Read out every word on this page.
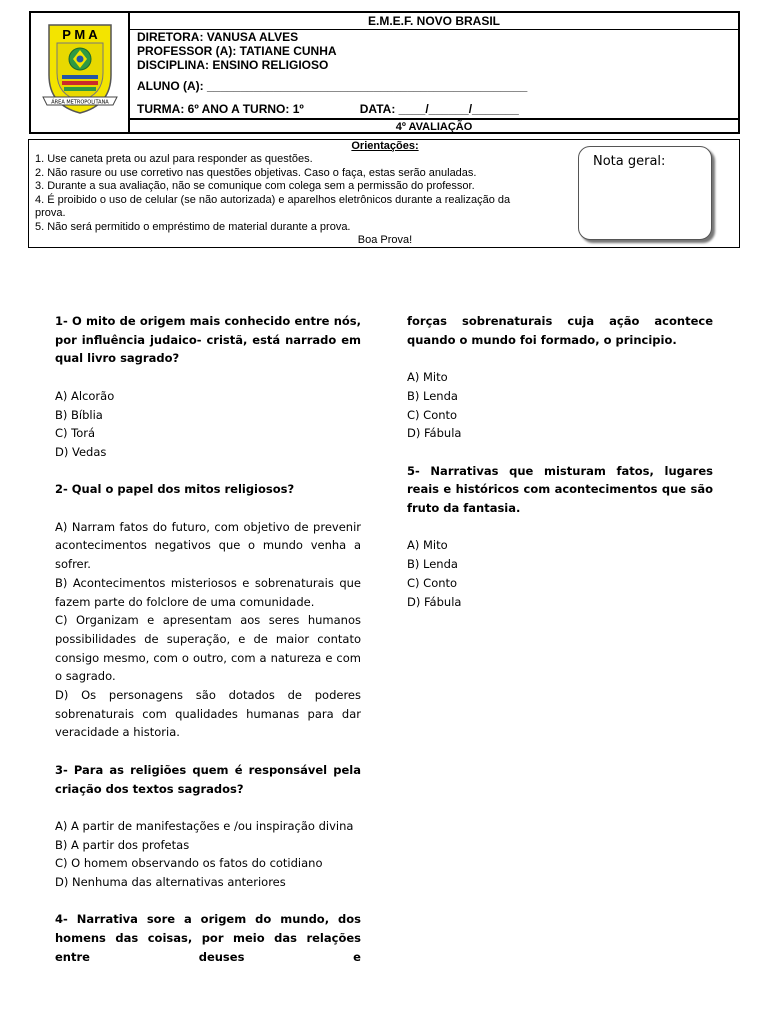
ÁREA METROPOLITANA
P M A
E.M.E.F. NOVO BRASIL
DIRETORA: VANUSA ALVES
PROFESSOR (A): TATIANE CUNHA
DISCIPLINA: ENSINO RELIGIOSO
ALUNO (A): ________________________________________________
TURMA: 6º ANO A TURNO: 1º	DATA: ____/______/_______
4º AVALIAÇÃO
Orientações:
1. Use caneta preta ou azul para responder as questões.
2. Não rasure ou use corretivo nas questões objetivas. Caso o faça, estas serão anuladas.
3. Durante a sua avaliação, não se comunique com colega sem a permissão do professor.
4. É proibido o uso de celular (se não autorizada) e aparelhos eletrônicos durante a realização da prova.
5. Não será permitido o empréstimo de material durante a prova.
Boa Prova!
Nota geral:
1- O mito de origem mais conhecido entre nós, por influência judaico- cristã, está narrado em qual livro sagrado?
A) Alcorão
B) Bíblia
C) Torá
D) Vedas
2- Qual o papel dos mitos religiosos?
A) Narram fatos do futuro, com objetivo de prevenir acontecimentos negativos que o mundo venha a sofrer.
B) Acontecimentos misteriosos e sobrenaturais que fazem parte do folclore de uma comunidade.
C) Organizam e apresentam aos seres humanos possibilidades de superação, e de maior contato consigo mesmo, com o outro, com a natureza e com o sagrado.
D) Os personagens são dotados de poderes sobrenaturais com qualidades humanas para dar veracidade a historia.
3- Para as religiões quem é responsável pela criação dos textos sagrados?
A) A partir de manifestações e /ou inspiração divina
B) A partir dos profetas
C) O homem observando os fatos do cotidiano
D) Nenhuma das alternativas anteriores
4- Narrativa sore a origem do mundo, dos homens das coisas, por meio das relações entre deuses e
forças sobrenaturais cuja ação acontece quando o mundo foi formado, o principio.
A) Mito
B) Lenda
C) Conto
D) Fábula
5- Narrativas que misturam fatos, lugares reais e históricos com acontecimentos que são fruto da fantasia.
A) Mito
B) Lenda
C) Conto
D) Fábula
